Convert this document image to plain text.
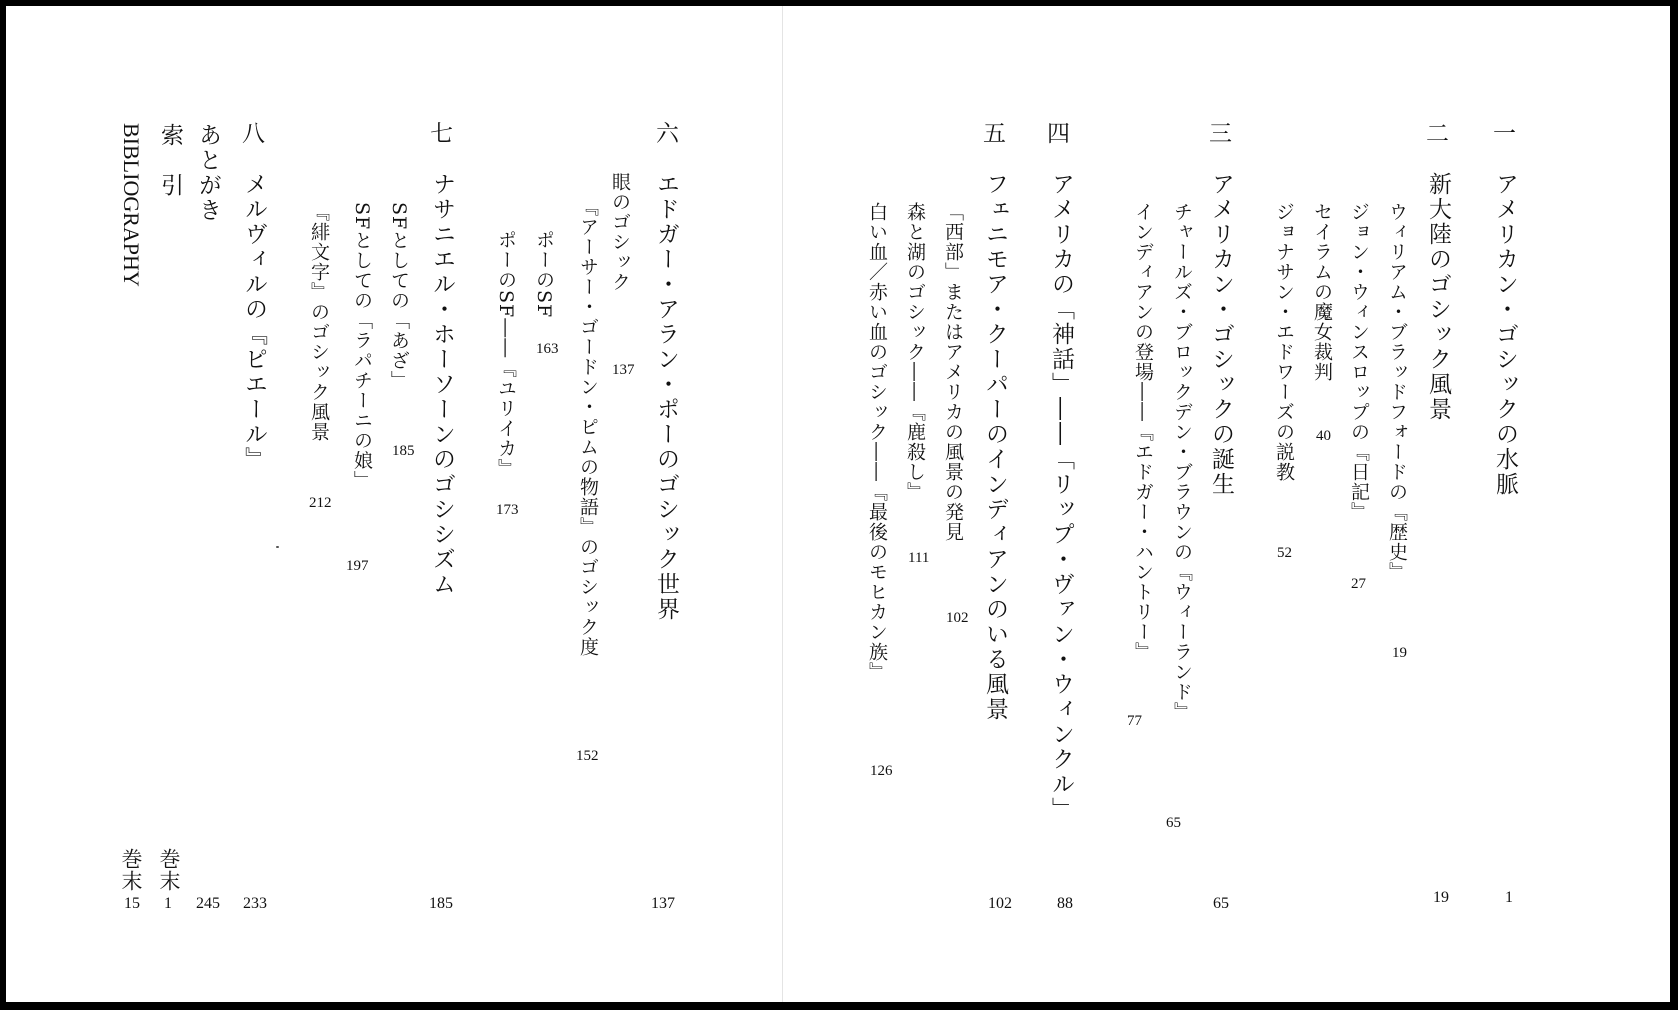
六
エドガー・アラン・ポーのゴシック世界
137
眼のゴシック
137
『アーサー・ゴードン・ピムの物語』のゴシック度
152
ポーのSF
163
ポーのSF――『ユリイカ』
173
七
ナサニエル・ホーソーンのゴシシズム
185
SFとしての「あざ」
185
SFとしての「ラパチーニの娘」
197
『緋文字』のゴシック風景
212
八
メルヴィルの『ピエール』
233
あとがき
245
索　引
巻末
1
BIBLIOGRAPHY
巻末
15
一
アメリカン・ゴシックの水脈
1
二
新大陸のゴシック風景
19
ウィリアム・ブラッドフォードの『歴史』
19
ジョン・ウィンスロップの『日記』
27
セイラムの魔女裁判
40
ジョナサン・エドワーズの説教
52
三
アメリカン・ゴシックの誕生
65
チャールズ・ブロックデン・ブラウンの『ウィーランド』
65
インディアンの登場――『エドガー・ハントリー』
77
四
アメリカの「神話」――「リップ・ヴァン・ウィンクル」
88
五
フェニモア・クーパーのインディアンのいる風景
102
「西部」またはアメリカの風景の発見
102
森と湖のゴシック――『鹿殺し』
111
白い血／赤い血のゴシック――『最後のモヒカン族』
126
